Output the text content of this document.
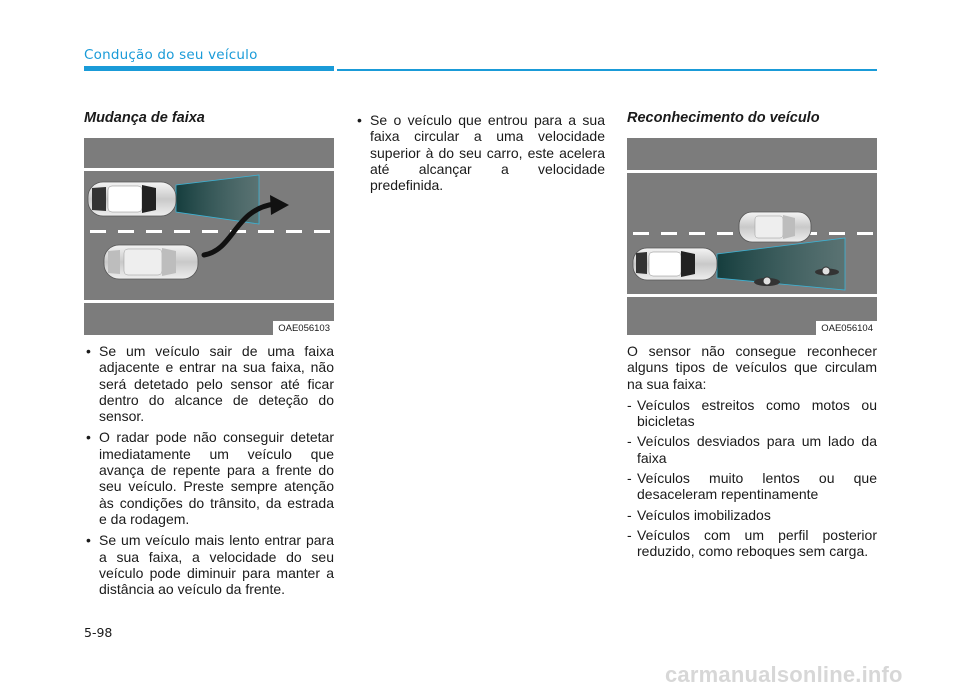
Condução do seu veículo
Mudança de faixa
OAE056103
• Se um veículo sair de uma faixa adjacente e entrar na sua faixa, não será detetado pelo sensor até ficar dentro do alcance de deteção do sensor.
• O radar pode não conseguir detetar imediatamente um veículo que avança de repente para a frente do seu veículo. Preste sempre atenção às condições do trânsito, da estrada e da rodagem.
• Se um veículo mais lento entrar para a sua faixa, a velocidade do seu veículo pode diminuir para manter a distância ao veículo da frente.
• Se o veículo que entrou para a sua faixa circular a uma velocidade superior à do seu carro, este acelera até alcançar a velocidade predefinida.
Reconhecimento do veículo
OAE056104

O sensor não consegue reconhecer alguns tipos de veículos que circulam na sua faixa:

- Veículos estreitos como motos ou bicicletas
- Veículos desviados para um lado da faixa
- Veículos muito lentos ou que desaceleram repentinamente
- Veículos imobilizados
- Veículos com um perfil posterior reduzido, como reboques sem carga.
5-98
carmanualsonline.info
